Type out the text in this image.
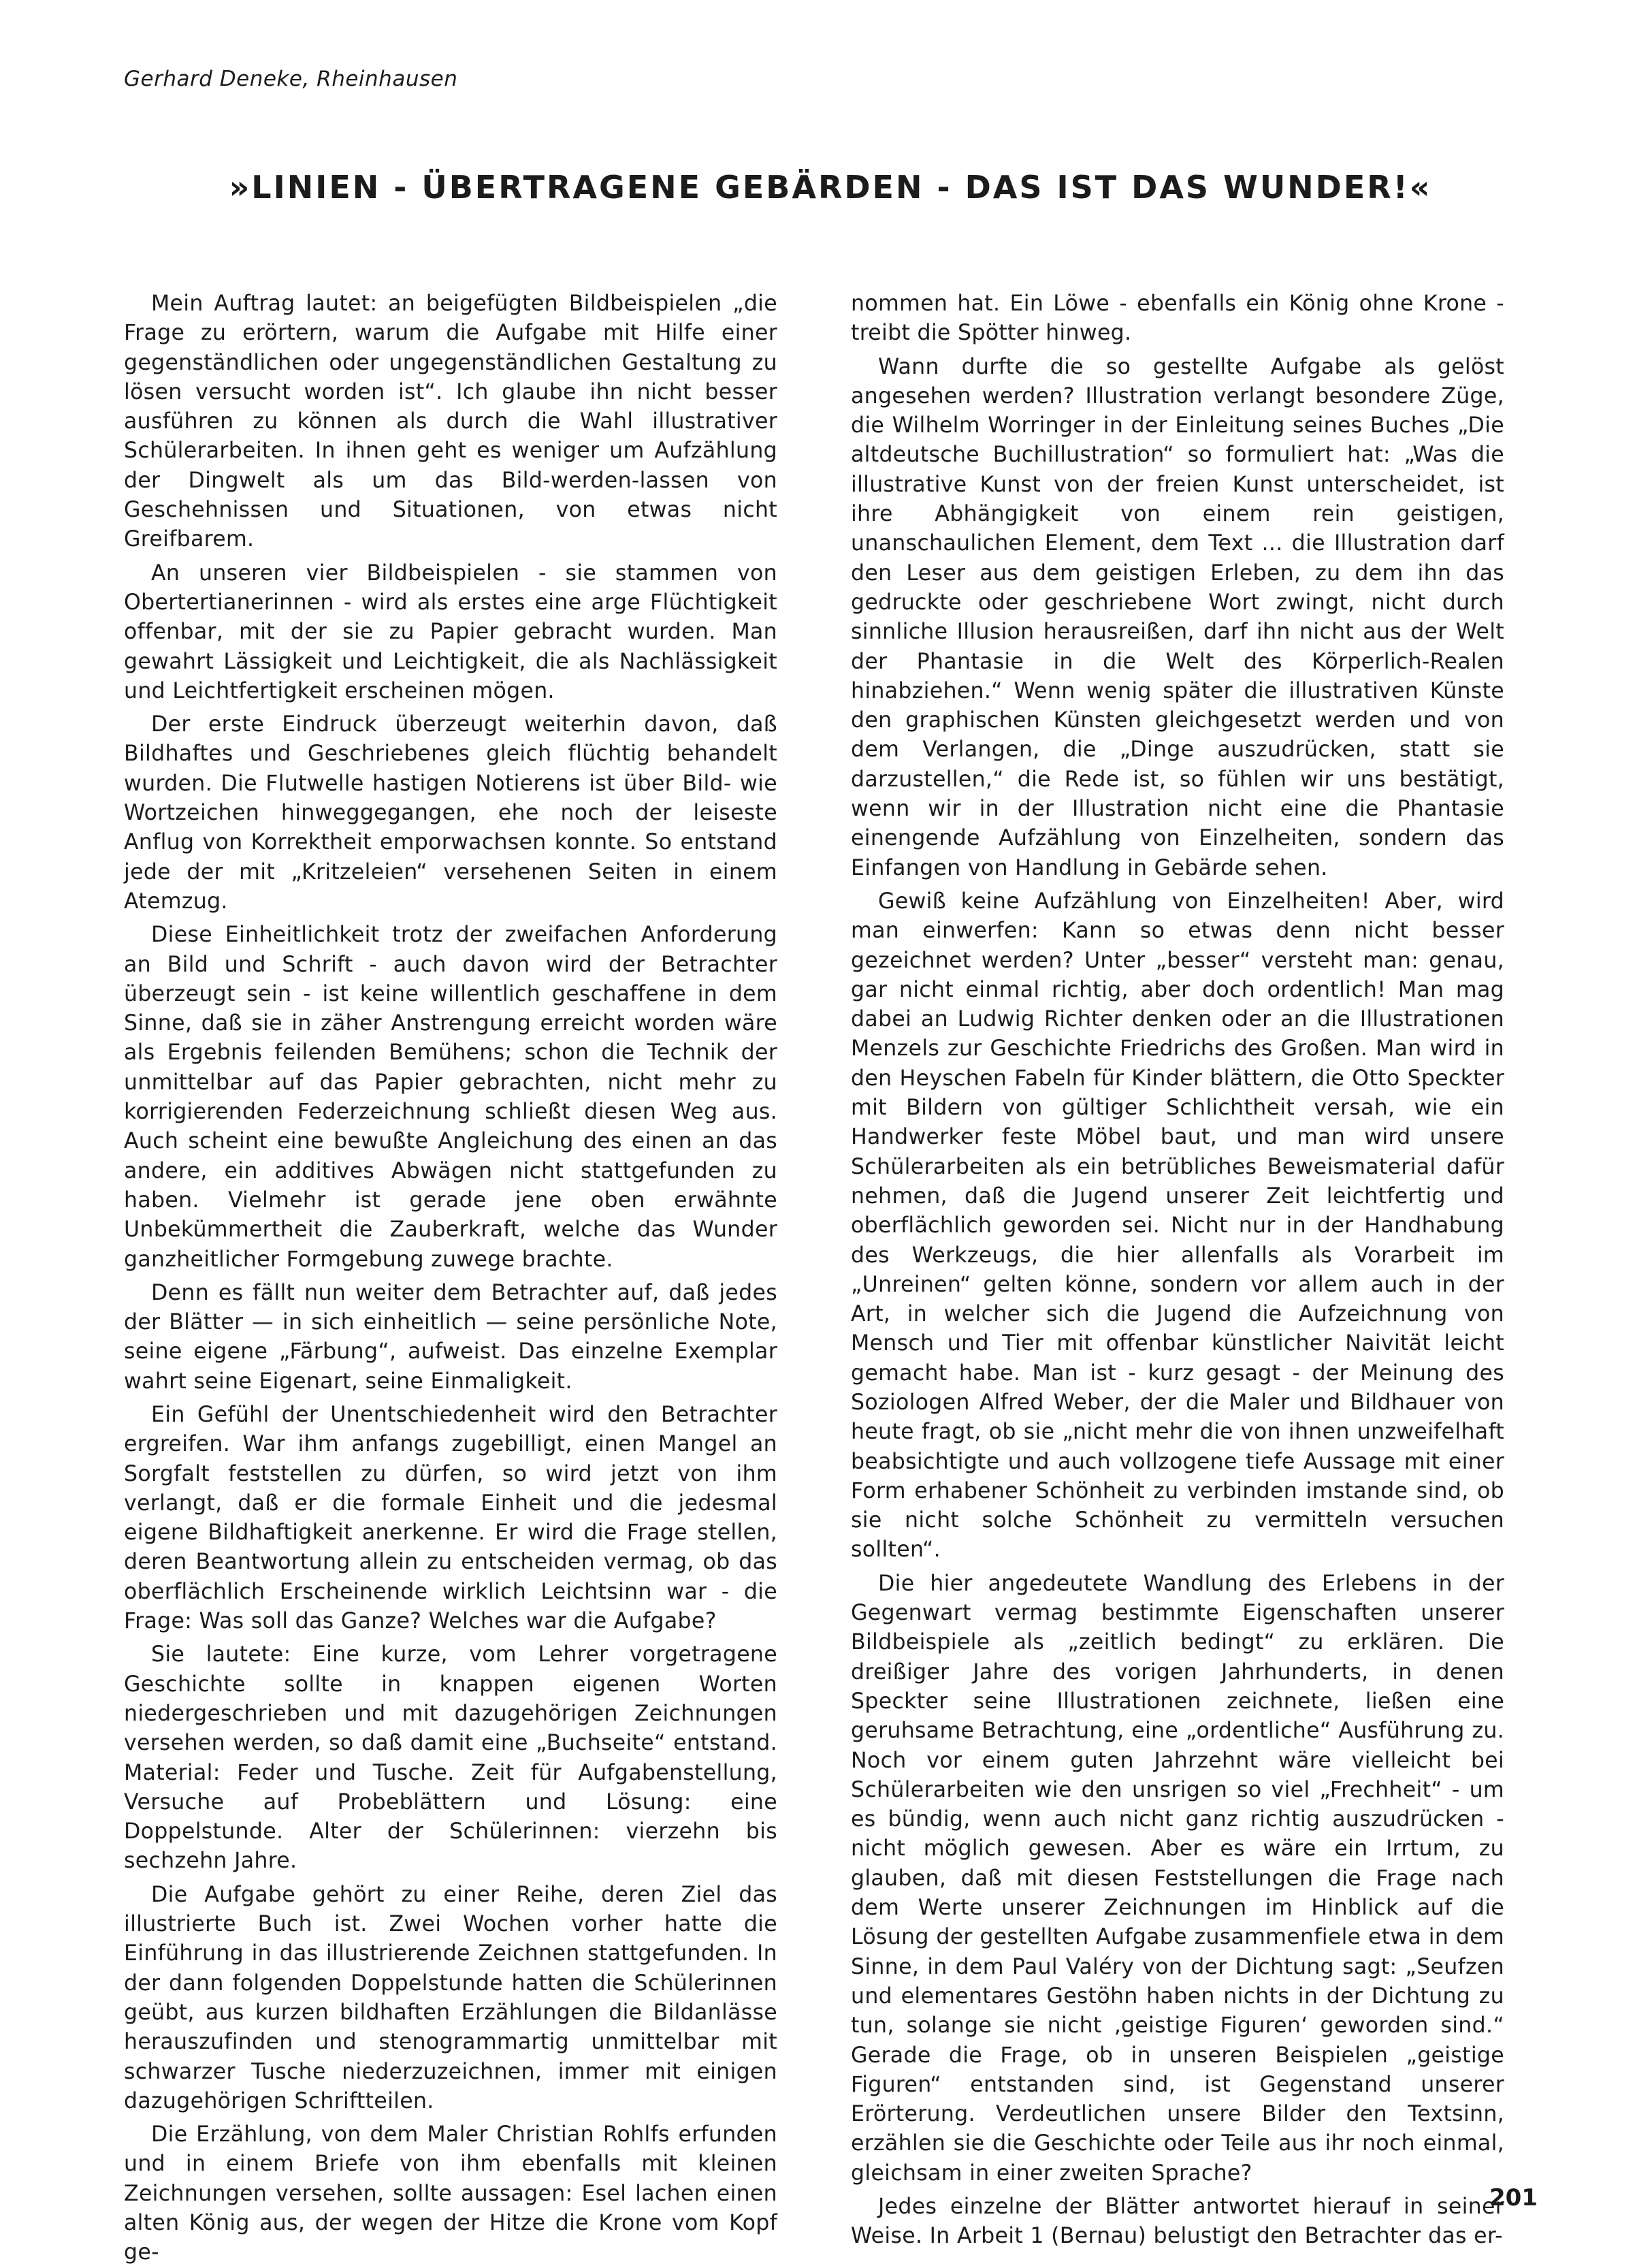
Gerhard Deneke, Rheinhausen
»LINIEN - ÜBERTRAGENE GEBÄRDEN - DAS IST DAS WUNDER!«

Mein Auftrag lautet: an beigefügten Bildbeispielen „die Frage zu erörtern, warum die Aufgabe mit Hilfe einer gegenständlichen oder ungegenständlichen Gestaltung zu lösen versucht worden ist“. Ich glaube ihn nicht besser ausführen zu können als durch die Wahl illustrativer Schülerarbeiten. In ihnen geht es weniger um Aufzählung der Dingwelt als um das Bild-werden-lassen von Geschehnissen und Situationen, von etwas nicht Greifbarem.

An unseren vier Bildbeispielen - sie stammen von Obertertianerinnen - wird als erstes eine arge Flüchtigkeit offenbar, mit der sie zu Papier gebracht wurden. Man gewahrt Lässigkeit und Leichtigkeit, die als Nachlässigkeit und Leichtfertigkeit erscheinen mögen.

Der erste Eindruck überzeugt weiterhin davon, daß Bildhaftes und Geschriebenes gleich flüchtig behandelt wurden. Die Flutwelle hastigen Notierens ist über Bild- wie Wortzeichen hinweggegangen, ehe noch der leiseste Anflug von Korrektheit emporwachsen konnte. So entstand jede der mit „Kritzeleien“ versehenen Seiten in einem Atemzug.

Diese Einheitlichkeit trotz der zweifachen Anforderung an Bild und Schrift - auch davon wird der Betrachter überzeugt sein - ist keine willentlich geschaffene in dem Sinne, daß sie in zäher Anstrengung erreicht worden wäre als Ergebnis feilenden Bemühens; schon die Technik der unmittelbar auf das Papier gebrachten, nicht mehr zu korrigierenden Federzeichnung schließt diesen Weg aus. Auch scheint eine bewußte Angleichung des einen an das andere, ein additives Abwägen nicht stattgefunden zu haben. Vielmehr ist gerade jene oben erwähnte Unbekümmertheit die Zauberkraft, welche das Wunder ganzheitlicher Formgebung zuwege brachte.

Denn es fällt nun weiter dem Betrachter auf, daß jedes der Blätter — in sich einheitlich — seine persönliche Note, seine eigene „Färbung“, aufweist. Das einzelne Exemplar wahrt seine Eigenart, seine Einmaligkeit.

Ein Gefühl der Unentschiedenheit wird den Betrachter ergreifen. War ihm anfangs zugebilligt, einen Mangel an Sorgfalt feststellen zu dürfen, so wird jetzt von ihm verlangt, daß er die formale Einheit und die jedesmal eigene Bildhaftigkeit anerkenne. Er wird die Frage stellen, deren Beantwortung allein zu entscheiden vermag, ob das oberflächlich Erscheinende wirklich Leichtsinn war - die Frage: Was soll das Ganze? Welches war die Aufgabe?

Sie lautete: Eine kurze, vom Lehrer vorgetragene Geschichte sollte in knappen eigenen Worten niedergeschrieben und mit dazugehörigen Zeichnungen versehen werden, so daß damit eine „Buchseite“ entstand. Material: Feder und Tusche. Zeit für Aufgabenstellung, Versuche auf Probeblättern und Lösung: eine Doppelstunde. Alter der Schülerinnen: vierzehn bis sechzehn Jahre.

Die Aufgabe gehört zu einer Reihe, deren Ziel das illustrierte Buch ist. Zwei Wochen vorher hatte die Einführung in das illustrierende Zeichnen stattgefunden. In der dann folgenden Doppelstunde hatten die Schülerinnen geübt, aus kurzen bildhaften Erzählungen die Bildanlässe herauszufinden und stenogrammartig unmittelbar mit schwarzer Tusche niederzuzeichnen, immer mit einigen dazugehörigen Schriftteilen.

Die Erzählung, von dem Maler Christian Rohlfs erfunden und in einem Briefe von ihm ebenfalls mit kleinen Zeichnungen versehen, sollte aussagen: Esel lachen einen alten König aus, der wegen der Hitze die Krone vom Kopf ge-

nommen hat. Ein Löwe - ebenfalls ein König ohne Krone - treibt die Spötter hinweg.

Wann durfte die so gestellte Aufgabe als gelöst angesehen werden? Illustration verlangt besondere Züge, die Wilhelm Worringer in der Einleitung seines Buches „Die altdeutsche Buchillustration“ so formuliert hat: „Was die illustrative Kunst von der freien Kunst unterscheidet, ist ihre Abhängigkeit von einem rein geistigen, unanschaulichen Element, dem Text ... die Illustration darf den Leser aus dem geistigen Erleben, zu dem ihn das gedruckte oder geschriebene Wort zwingt, nicht durch sinnliche Illusion herausreißen, darf ihn nicht aus der Welt der Phantasie in die Welt des Körperlich-Realen hinabziehen.“ Wenn wenig später die illustrativen Künste den graphischen Künsten gleichgesetzt werden und von dem Verlangen, die „Dinge auszudrücken, statt sie darzustellen,“ die Rede ist, so fühlen wir uns bestätigt, wenn wir in der Illustration nicht eine die Phantasie einengende Aufzählung von Einzelheiten, sondern das Einfangen von Handlung in Gebärde sehen.

Gewiß keine Aufzählung von Einzelheiten! Aber, wird man einwerfen: Kann so etwas denn nicht besser gezeichnet werden? Unter „besser“ versteht man: genau, gar nicht einmal richtig, aber doch ordentlich! Man mag dabei an Ludwig Richter denken oder an die Illustrationen Menzels zur Geschichte Friedrichs des Großen. Man wird in den Heyschen Fabeln für Kinder blättern, die Otto Speckter mit Bildern von gültiger Schlichtheit versah, wie ein Handwerker feste Möbel baut, und man wird unsere Schülerarbeiten als ein betrübliches Beweismaterial dafür nehmen, daß die Jugend unserer Zeit leichtfertig und oberflächlich geworden sei. Nicht nur in der Handhabung des Werkzeugs, die hier allenfalls als Vorarbeit im „Unreinen“ gelten könne, sondern vor allem auch in der Art, in welcher sich die Jugend die Aufzeichnung von Mensch und Tier mit offenbar künstlicher Naivität leicht gemacht habe. Man ist - kurz gesagt - der Meinung des Soziologen Alfred Weber, der die Maler und Bildhauer von heute fragt, ob sie „nicht mehr die von ihnen unzweifelhaft beabsichtigte und auch vollzogene tiefe Aussage mit einer Form erhabener Schönheit zu verbinden imstande sind, ob sie nicht solche Schönheit zu vermitteln versuchen sollten“.

Die hier angedeutete Wandlung des Erlebens in der Gegenwart vermag bestimmte Eigenschaften unserer Bildbeispiele als „zeitlich bedingt“ zu erklären. Die dreißiger Jahre des vorigen Jahrhunderts, in denen Speckter seine Illustrationen zeichnete, ließen eine geruhsame Betrachtung, eine „ordentliche“ Ausführung zu. Noch vor einem guten Jahrzehnt wäre vielleicht bei Schülerarbeiten wie den unsrigen so viel „Frechheit“ - um es bündig, wenn auch nicht ganz richtig auszudrücken - nicht möglich gewesen. Aber es wäre ein Irrtum, zu glauben, daß mit diesen Feststellungen die Frage nach dem Werte unserer Zeichnungen im Hinblick auf die Lösung der gestellten Aufgabe zusammenfiele etwa in dem Sinne, in dem Paul Valéry von der Dichtung sagt: „Seufzen und elementares Gestöhn haben nichts in der Dichtung zu tun, solange sie nicht ‚geistige Figuren‘ geworden sind.“ Gerade die Frage, ob in unseren Beispielen „geistige Figuren“ entstanden sind, ist Gegenstand unserer Erörterung. Verdeutlichen unsere Bilder den Textsinn, erzählen sie die Geschichte oder Teile aus ihr noch einmal, gleichsam in einer zweiten Sprache?

Jedes einzelne der Blätter antwortet hierauf in seiner Weise. In Arbeit 1 (Bernau) belustigt den Betrachter das er-

201
